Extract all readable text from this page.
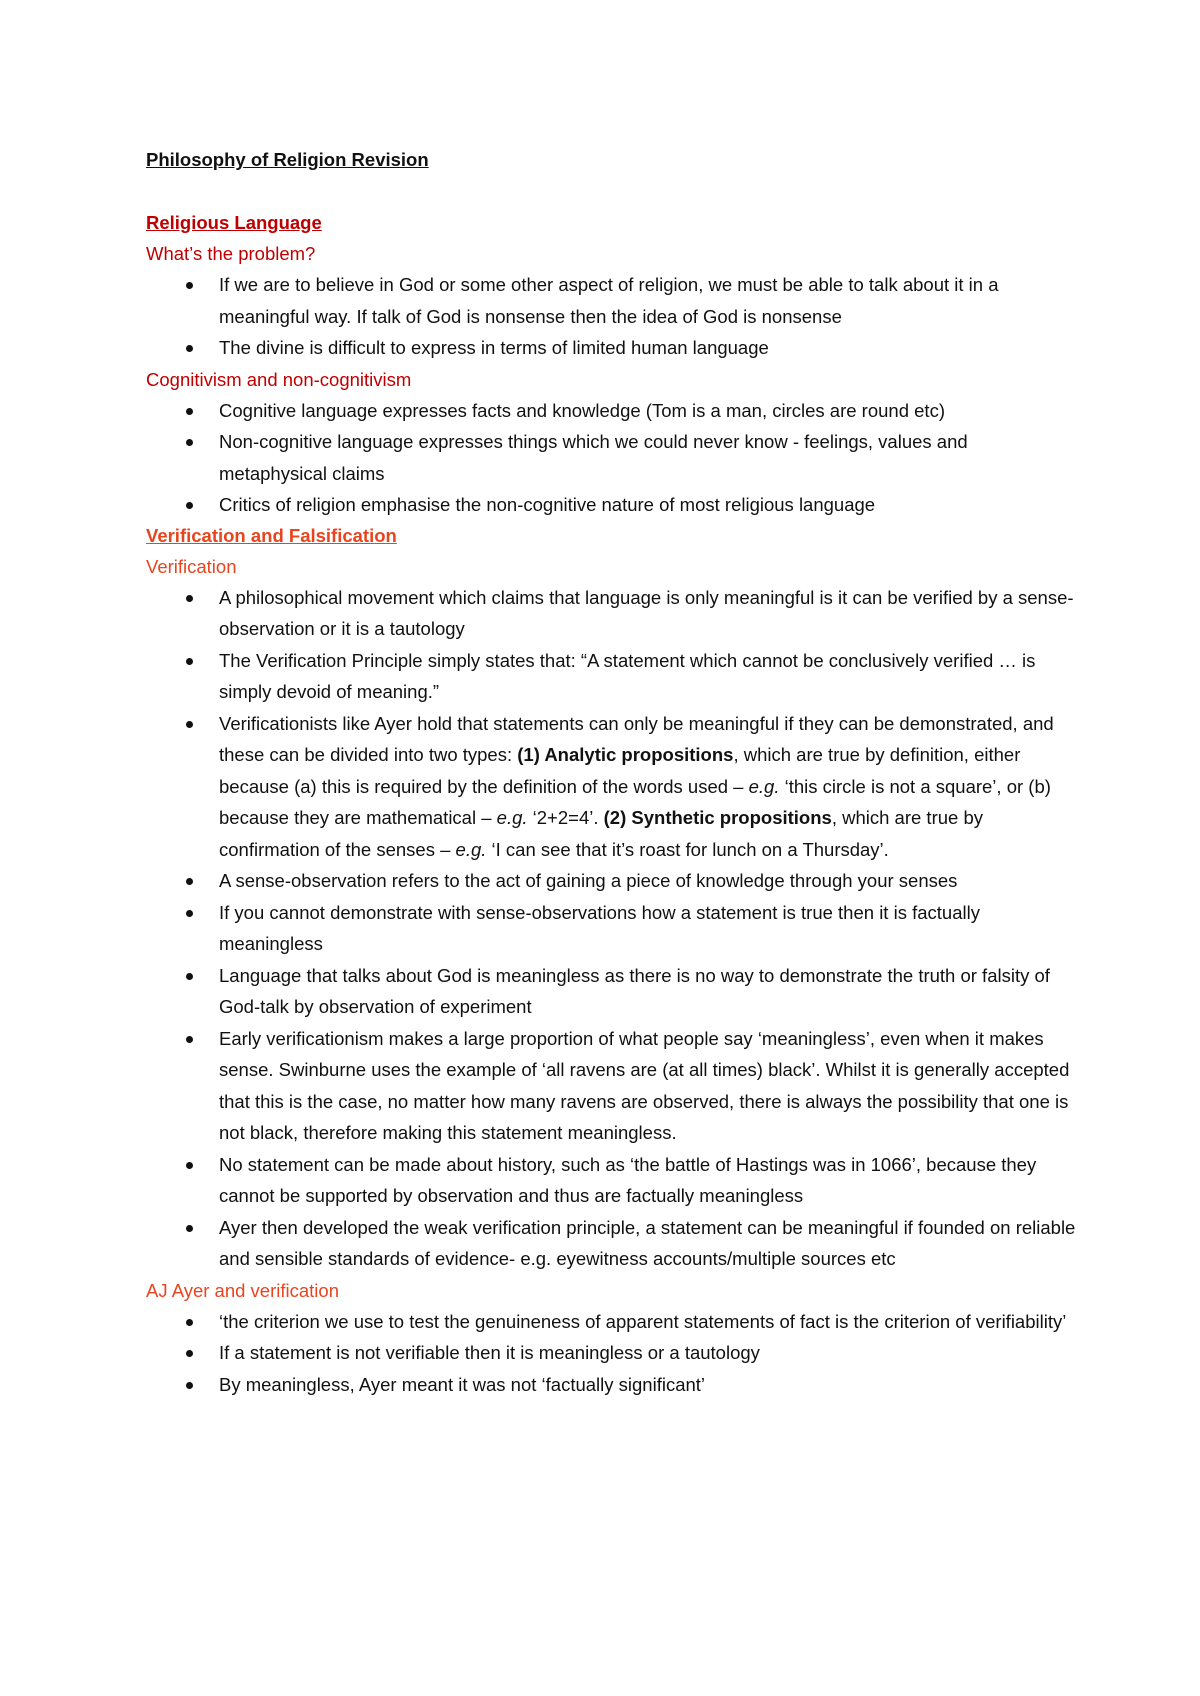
Philosophy of Religion Revision
Religious Language
What’s the problem?
If we are to believe in God or some other aspect of religion, we must be able to talk about it in a meaningful way. If talk of God is nonsense then the idea of God is nonsense
The divine is difficult to express in terms of limited human language
Cognitivism and non-cognitivism
Cognitive language expresses facts and knowledge (Tom is a man, circles are round etc)
Non-cognitive language expresses things which we could never know - feelings, values and metaphysical claims
Critics of religion emphasise the non-cognitive nature of most religious language
Verification and Falsification
Verification
A philosophical movement which claims that language is only meaningful is it can be verified by a sense-observation or it is a tautology
The Verification Principle simply states that: “A statement which cannot be conclusively verified … is simply devoid of meaning.”
Verificationists like Ayer hold that statements can only be meaningful if they can be demonstrated, and these can be divided into two types: (1) Analytic propositions, which are true by definition, either because (a) this is required by the definition of the words used – e.g. ‘this circle is not a square’, or (b) because they are mathematical – e.g. ‘2+2=4’. (2) Synthetic propositions, which are true by confirmation of the senses – e.g. ‘I can see that it’s roast for lunch on a Thursday’.
A sense-observation refers to the act of gaining a piece of knowledge through your senses
If you cannot demonstrate with sense-observations how a statement is true then it is factually meaningless
Language that talks about God is meaningless as there is no way to demonstrate the truth or falsity of God-talk by observation of experiment
Early verificationism makes a large proportion of what people say ‘meaningless’, even when it makes sense. Swinburne uses the example of ‘all ravens are (at all times) black’. Whilst it is generally accepted that this is the case, no matter how many ravens are observed, there is always the possibility that one is not black, therefore making this statement meaningless.
No statement can be made about history, such as ‘the battle of Hastings was in 1066’, because they cannot be supported by observation and thus are factually meaningless
Ayer then developed the weak verification principle, a statement can be meaningful if founded on reliable and sensible standards of evidence- e.g. eyewitness accounts/multiple sources etc
AJ Ayer and verification
‘the criterion we use to test the genuineness of apparent statements of fact is the criterion of verifiability’
If a statement is not verifiable then it is meaningless or a tautology
By meaningless, Ayer meant it was not ‘factually significant’
